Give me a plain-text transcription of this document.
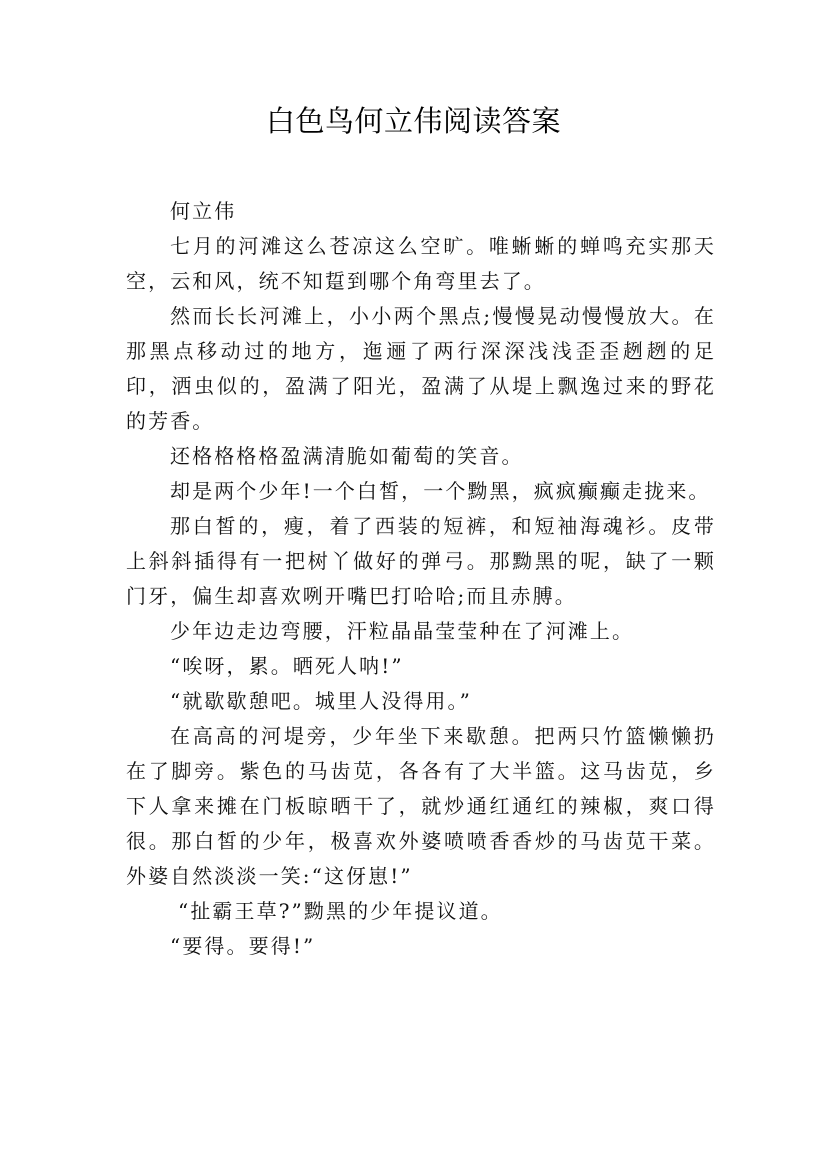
白色鸟何立伟阅读答案

何立伟

七月的河滩这么苍凉这么空旷。唯蜥蜥的蝉鸣充实那天空，云和风，统不知踅到哪个角弯里去了。

然而长长河滩上，小小两个黑点;慢慢晃动慢慢放大。在那黑点移动过的地方，迤逦了两行深深浅浅歪歪趔趔的足印，洒虫似的，盈满了阳光，盈满了从堤上飘逸过来的野花的芳香。

还格格格格盈满清脆如葡萄的笑音。

却是两个少年!一个白皙，一个黝黑，疯疯癫癫走拢来。

那白皙的，瘦，着了西装的短裤，和短袖海魂衫。皮带上斜斜插得有一把树丫做好的弹弓。那黝黑的呢，缺了一颗门牙，偏生却喜欢咧开嘴巴打哈哈;而且赤膊。

少年边走边弯腰，汗粒晶晶莹莹种在了河滩上。

“唉呀，累。晒死人呐!”

“就歇歇憩吧。城里人没得用。”

在高高的河堤旁，少年坐下来歇憩。把两只竹篮懒懒扔在了脚旁。紫色的马齿苋，各各有了大半篮。这马齿苋，乡下人拿来摊在门板晾晒干了，就炒通红通红的辣椒，爽口得很。那白皙的少年，极喜欢外婆喷喷香香炒的马齿苋干菜。外婆自然淡淡一笑:“这伢崽!”

“扯霸王草?”黝黑的少年提议道。

“要得。要得!”
